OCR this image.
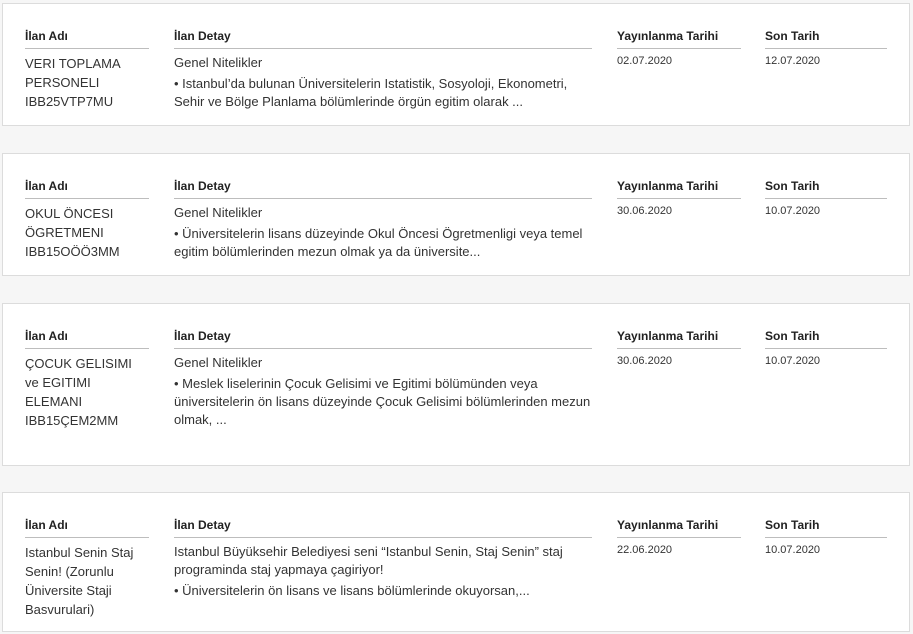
İlan Adı
VERI TOPLAMA PERSONELI IBB25VTP7MU
İlan Detay
Genel Nitelikler
• Istanbul’da bulunan Üniversitelerin Istatistik, Sosyoloji, Ekonometri, Sehir ve Bölge Planlama bölümlerinde örgün egitim olarak ...
Yayınlanma Tarihi
02.07.2020
Son Tarih
12.07.2020
İlan Adı
OKUL ÖNCESI ÖGRETMENI IBB15OÖÖ3MM
İlan Detay
Genel Nitelikler
• Üniversitelerin lisans düzeyinde Okul Öncesi Ögretmenligi veya temel egitim bölümlerinden mezun olmak ya da üniversite...
Yayınlanma Tarihi
30.06.2020
Son Tarih
10.07.2020
İlan Adı
ÇOCUK GELISIMI ve EGITIMI ELEMANI IBB15ÇEM2MM
İlan Detay
Genel Nitelikler
• Meslek liselerinin Çocuk Gelisimi ve Egitimi bölümünden veya üniversitelerin ön lisans düzeyinde Çocuk Gelisimi bölümlerinden mezun olmak, ...
Yayınlanma Tarihi
30.06.2020
Son Tarih
10.07.2020
İlan Adı
Istanbul Senin Staj Senin! (Zorunlu Üniversite Staji Basvurulari)
İlan Detay
Istanbul Büyüksehir Belediyesi seni “Istanbul Senin, Staj Senin” staj programinda staj yapmaya çagiriyor!
• Üniversitelerin ön lisans ve lisans bölümlerinde okuyorsan,...
Yayınlanma Tarihi
22.06.2020
Son Tarih
10.07.2020
